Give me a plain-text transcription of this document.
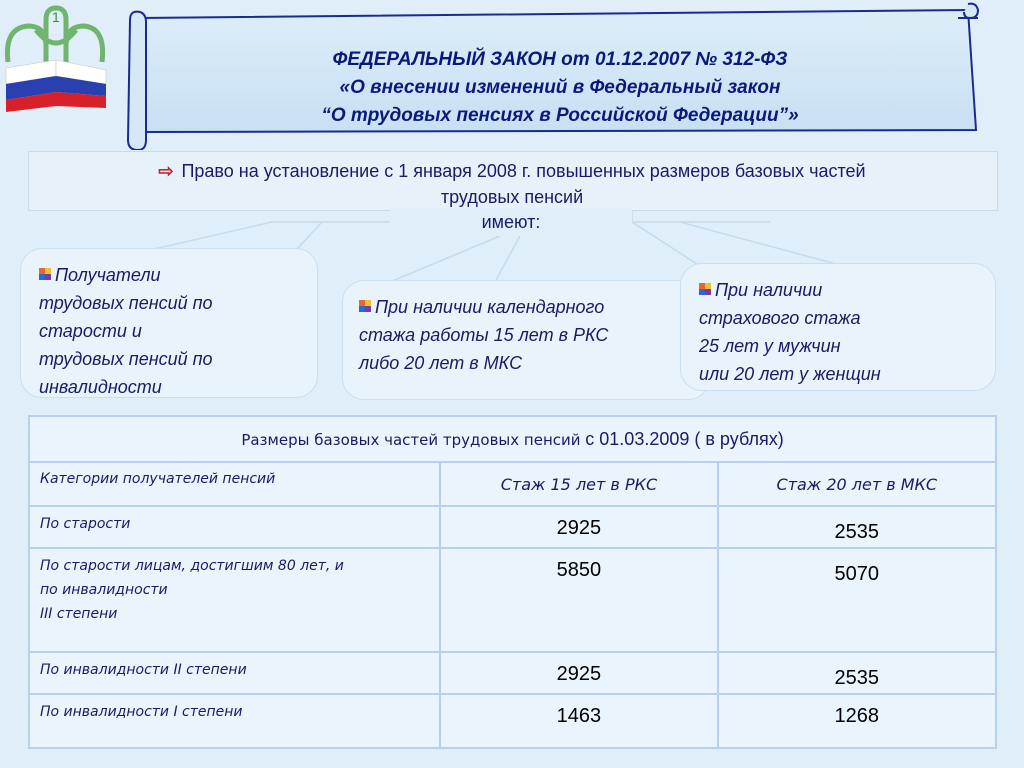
1
ФЕДЕРАЛЬНЫЙ ЗАКОН от 01.12.2007 № 312-ФЗ
«О внесении изменений в Федеральный закон
“О трудовых пенсиях в Российской Федерации”»
⇨ Право на установление с 1 января 2008 г. повышенных размеров базовых частей
трудовых пенсий
имеют:
Получатели
трудовых пенсий по
старости и
трудовых пенсий по
инвалидности
При наличии календарного
стажа работы 15 лет в РКС
либо 20 лет в МКС
При наличии
страхового стажа
25 лет у мужчин
или 20 лет у женщин
Размеры базовых частей трудовых пенсий с 01.03.2009 ( в рублях)		
Категории получателей пенсий	Стаж 15 лет в РКС	Стаж 20 лет в МКС
По старости	2925	2535

По старости лицам, достигшим 80 лет, и
по инвалидности
III степени	5850	5070
По инвалидности II степени	2925	2535
По инвалидности I степени	1463	1268
